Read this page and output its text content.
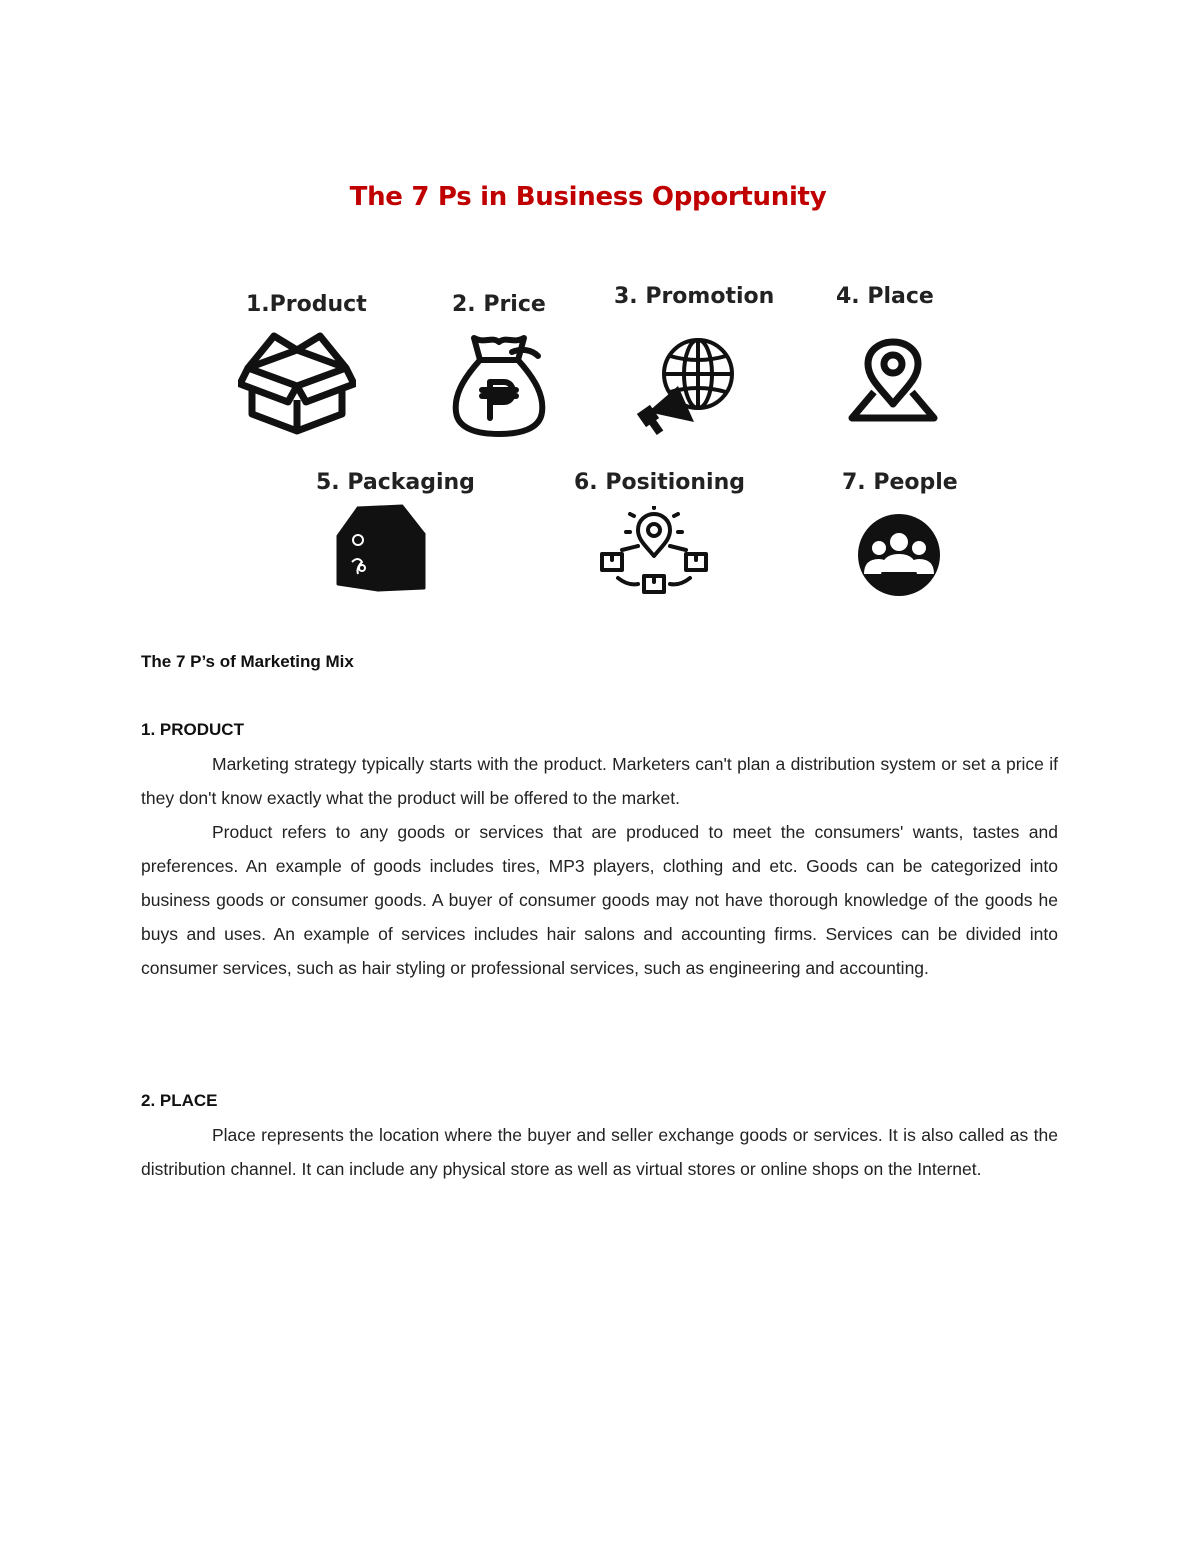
The 7 Ps in Business Opportunity
1.Product	2. Price	3. Promotion	4. Place
5. Packaging	6. Positioning	7. People
The 7 P’s of Marketing Mix
1. PRODUCT

Marketing strategy typically starts with the product. Marketers can't plan a distribution system or set a price if they don't know exactly what the product will be offered to the market.

Product refers to any goods or services that are produced to meet the consumers' wants, tastes and preferences. An example of goods includes tires, MP3 players, clothing and etc. Goods can be categorized into business goods or consumer goods. A buyer of consumer goods may not have thorough knowledge of the goods he buys and uses. An example of services includes hair salons and accounting firms. Services can be divided into consumer services, such as hair styling or professional services, such as engineering and accounting.

2. PLACE

Place represents the location where the buyer and seller exchange goods or services. It is also called as the distribution channel. It can include any physical store as well as virtual stores or online shops on the Internet.
